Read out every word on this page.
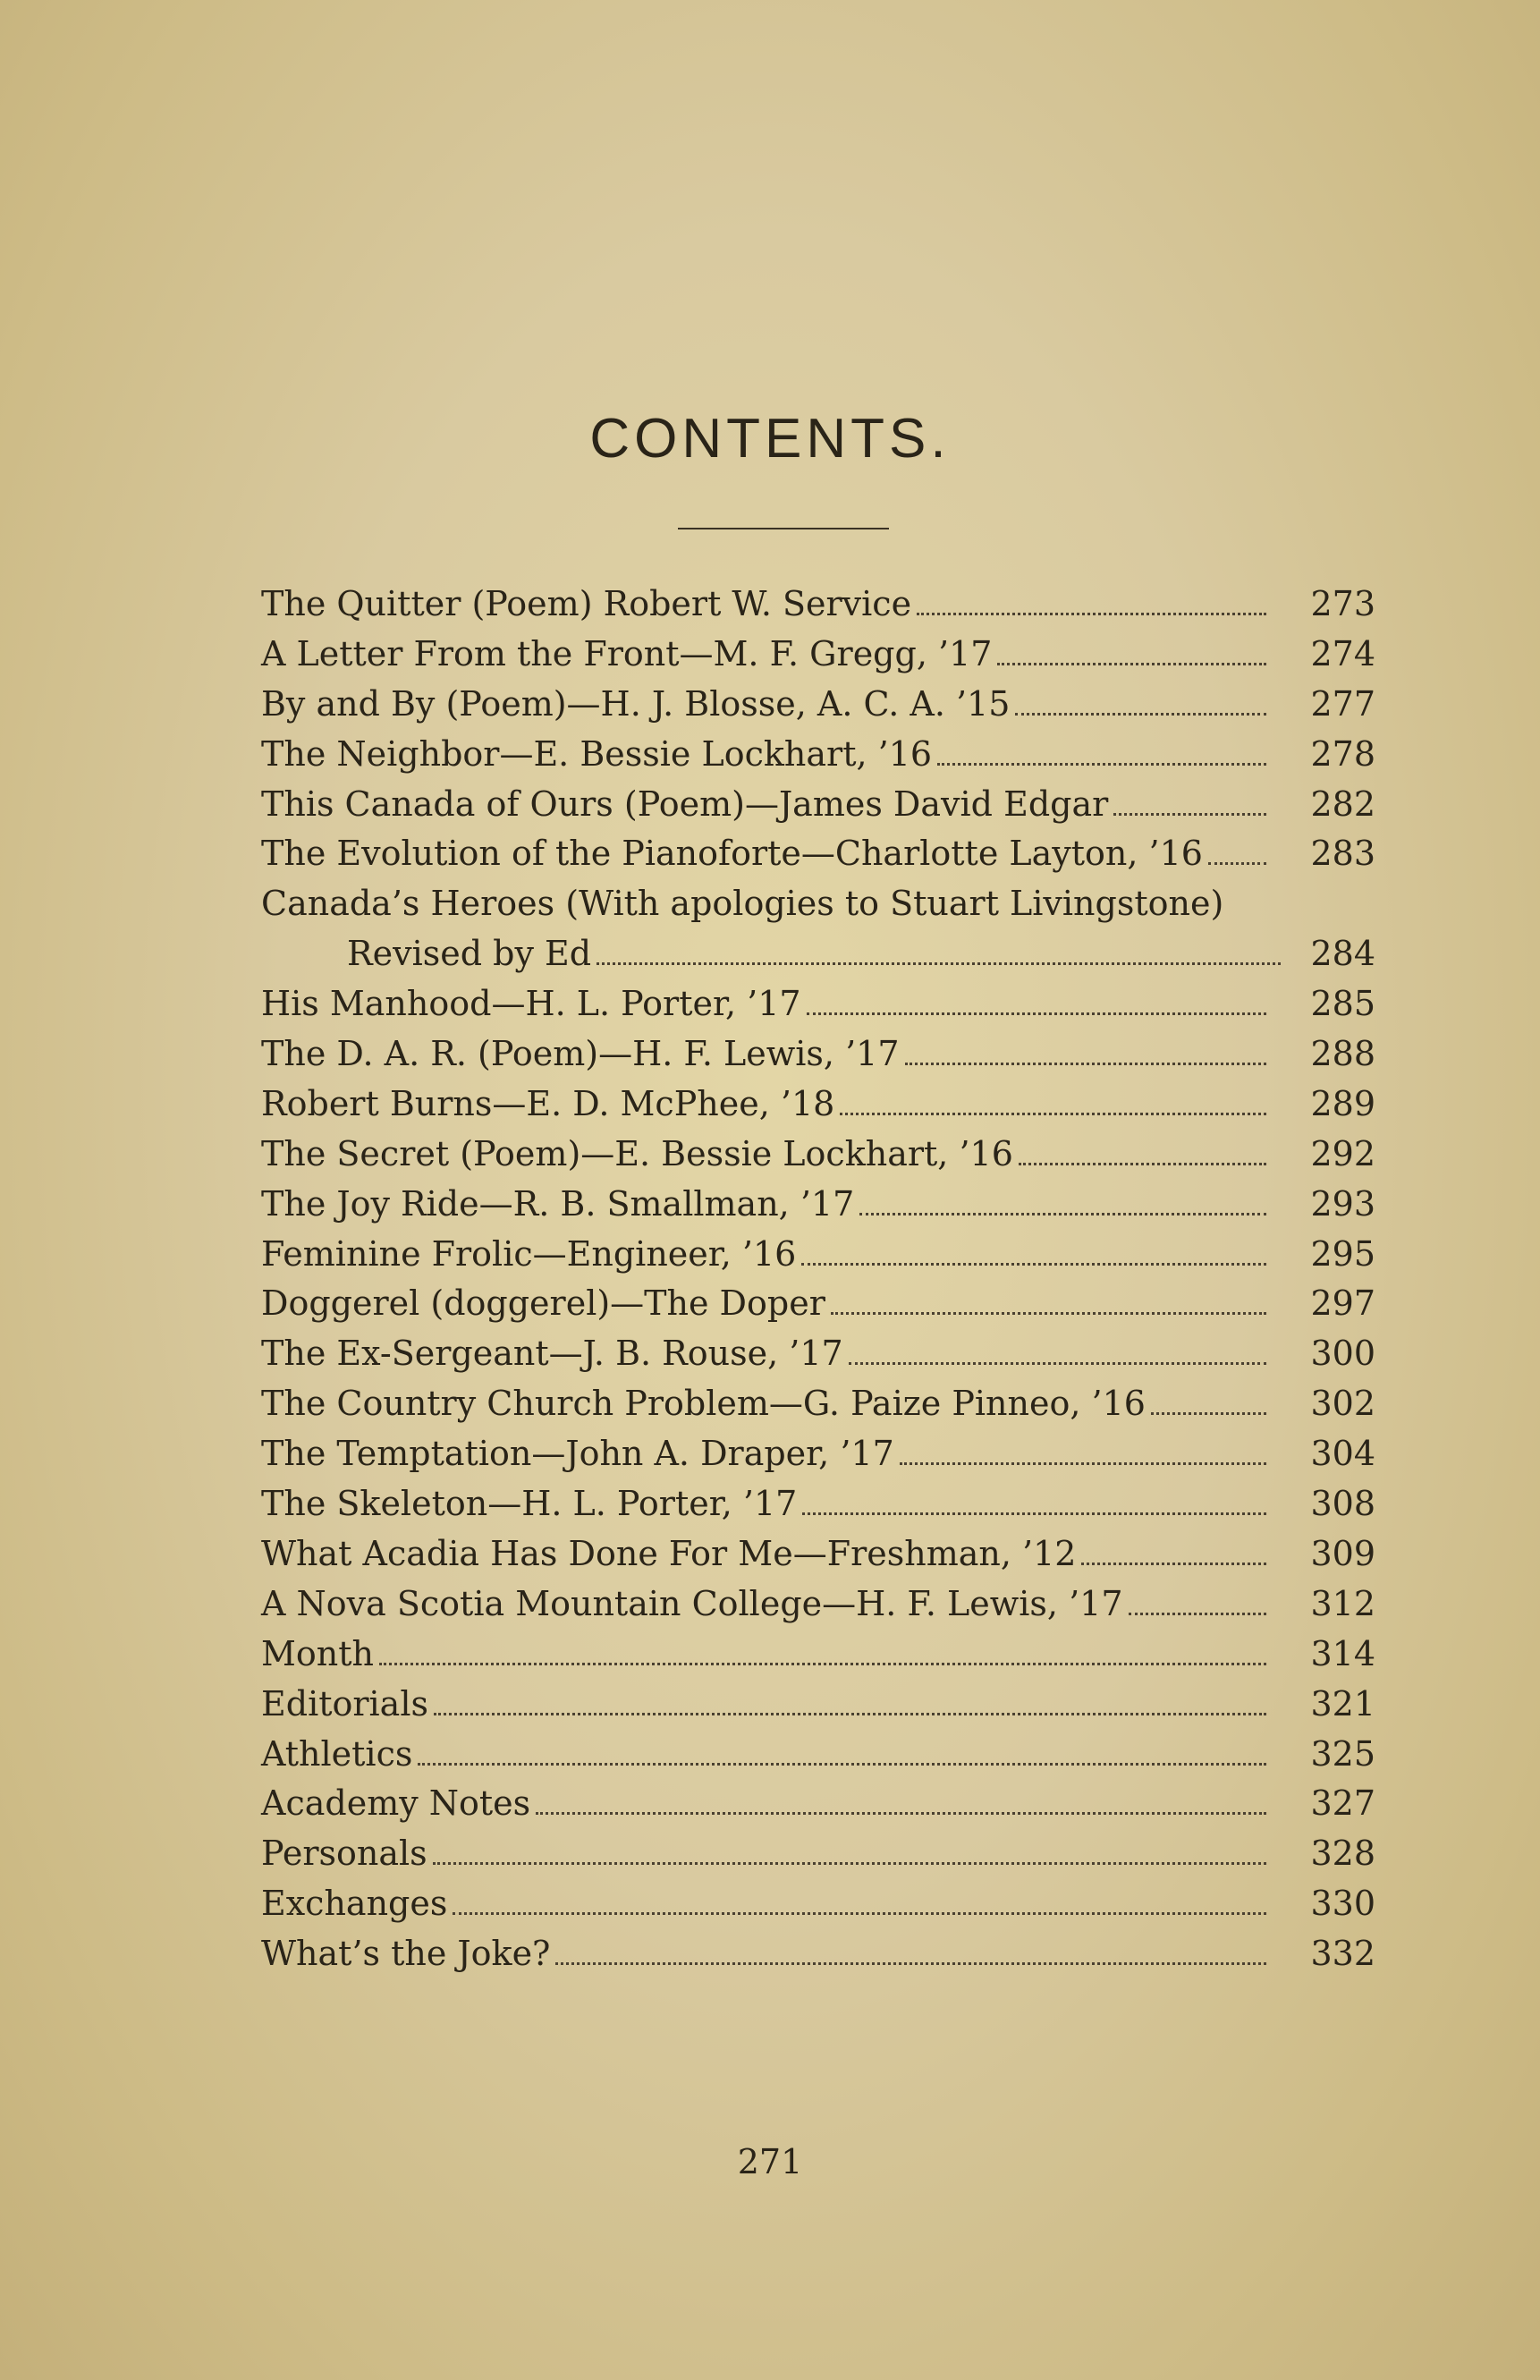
CONTENTS.
The Quitter (Poem) Robert W. Service	273
A Letter From the Front—M. F. Gregg, ’17	274
By and By (Poem)—H. J. Blosse, A. C. A. ’15	277
The Neighbor—E. Bessie Lockhart, ’16	278
This Canada of Ours (Poem)—James David Edgar	282
The Evolution of the Pianoforte—Charlotte Layton, ’16	283
Canada’s Heroes (With apologies to Stuart Livingstone)
Revised by Ed	284
His Manhood—H. L. Porter, ’17	285
The D. A. R. (Poem)—H. F. Lewis, ’17	288
Robert Burns—E. D. McPhee, ’18	289
The Secret (Poem)—E. Bessie Lockhart, ’16	292
The Joy Ride—R. B. Smallman, ’17	293
Feminine Frolic—Engineer, ’16	295
Doggerel (doggerel)—The Doper	297
The Ex-Sergeant—J. B. Rouse, ’17	300
The Country Church Problem—G. Paize Pinneo, ’16	302
The Temptation—John A. Draper, ’17	304
The Skeleton—H. L. Porter, ’17	308
What Acadia Has Done For Me—Freshman, ’12	309
A Nova Scotia Mountain College—H. F. Lewis, ’17	312
Month	314
Editorials	321
Athletics	325
Academy Notes	327
Personals	328
Exchanges	330
What’s the Joke?	332
271
